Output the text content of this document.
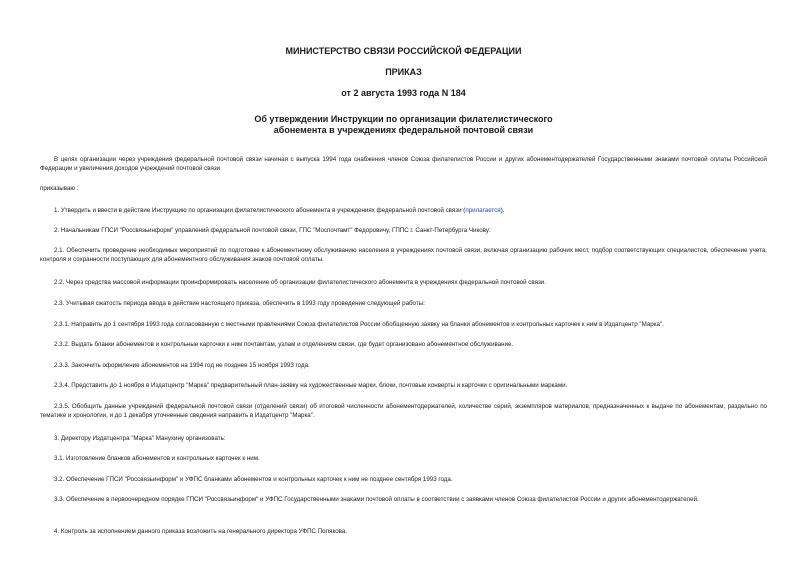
МИНИСТЕРСТВО СВЯЗИ РОССИЙСКОЙ ФЕДЕРАЦИИ
ПРИКАЗ
от 2 августа 1993 года N 184
Об утверждении Инструкции по организации филателистического
абонемента в учреждениях федеральной почтовой связи
В целях организации через учреждения федеральной почтовой связи начиная с выпуска 1994 года снабжения членов Союза филателистов России и других абонементодержателей Государственными знаками почтовой оплаты Российской Федерации и увеличения доходов учреждений почтовой связи
приказываю :
1. Утвердить и ввести в действие Инструкцию по организации филателистического абонемента в учреждениях федеральной почтовой связи (прилагается).
2. Начальникам ГПСИ "Россвязьинформ" управлений федеральной почтовой связи, ГПС "Моспочтамт" Федоровичу, ГППС г. Санкт-Петербурга Чикову:
2.1. Обеспечить проведение необходимых мероприятий по подготовке к абонементному обслуживанию населения в учреждениях почтовой связи, включая организацию рабочих мест, подбор соответствующих специалистов, обеспечение учета, контроля и сохранности поступающих для абонементного обслуживания знаков почтовой оплаты.
2.2. Через средства массовой информации проинформировать население об организации филателистического абонемента в учреждениях федеральной почтовой связи.
2.3. Учитывая сжатость периода ввода в действие настоящего приказа, обеспечить в 1993 году проведение следующей работы:
2.3.1. Направить до 1 сентября 1993 года согласованную с местными правлениями Союза филателистов России обобщенную заявку на бланки абонементов и контрольных карточек к ним в Издатцентр "Марка".
2.3.2. Выдать бланки абонементов и контрольные карточки к ним почтамтам, узлам и отделениям связи, где будет организовано абонементное обслуживание.
2.3.3. Закончить оформление абонементов на 1994 год не позднее 15 ноября 1993 года.
2.3.4. Представить до 1 ноября в Издатцентр "Марка" предварительный план-заявку на художественные марки, блоки, почтовые конверты и карточки с оригинальными марками.
2.3.5. Обобщить данные учреждений федеральной почтовой связи (отделений связи) об итоговой численности абонементодержателей, количестве серий, экземпляров материалов, предназначенных к выдаче по абонементам, раздельно по тематике и хронологии, и до 1 декабря уточненные сведения направить в Издатцентр "Марка".
3. Директору Издатцентра "Марка" Манухину организовать:
3.1. Изготовление бланков абонементов и контрольных карточек к ним.
3.2. Обеспечение ГПСИ "Россвязьинформ" и УФПС бланками абонементов и контрольных карточек к ним не позднее сентября 1993 года.
3.3. Обеспечение в первоочередном порядке ГПСИ "Россвязьинформ" и УФПС Государственными знаками почтовой оплаты в соответствии с заявками членов Союза филателистов России и других абонементодержателей.
4. Контроль за исполнением данного приказа возложить на генерального директора УФПС Полякова.
